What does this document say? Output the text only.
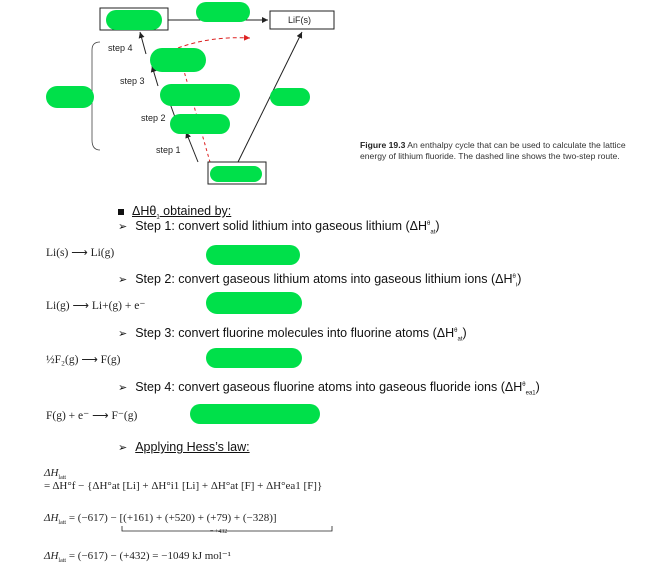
step 4
step 3
step 2
step 1
LiF(s)
Figure 19.3 An enthalpy cycle that can be used to calculate the lattice energy of lithium fluoride. The dashed line shows the two-step route.
ΔHθ$_1$ obtained by:
➢ Step 1: convert solid lithium into gaseous lithium $(\Delta H^\theta_{at})$
Li(s) ⟶ Li(g)
➢ Step 2: convert gaseous lithium atoms into gaseous lithium ions $(\Delta H^\theta_i)$
Li(g) ⟶ Li+(g) + e⁻
➢ Step 3: convert fluorine molecules into fluorine atoms $(\Delta H^\theta_{at})$
½F₂(g) ⟶ F(g)
➢ Step 4: convert gaseous fluorine atoms into gaseous fluoride ions $(\Delta H^\theta_{ea1})$
F(g) + e⁻ ⟶ F⁻(g)
➢ Applying Hess’s law:
$\Delta H_{latt}$
= ΔH°f − {ΔH°at [Li] + ΔH°i1 [Li] + ΔH°at [F] + ΔH°ea1 [F]}
$\Delta H_{latt} = (-617) - [(+161) + (+520) + (+79) + (-328)]$
= +432
$\Delta H_{latt} = (-617) - (+432) = -1049$ kJ mol⁻¹
